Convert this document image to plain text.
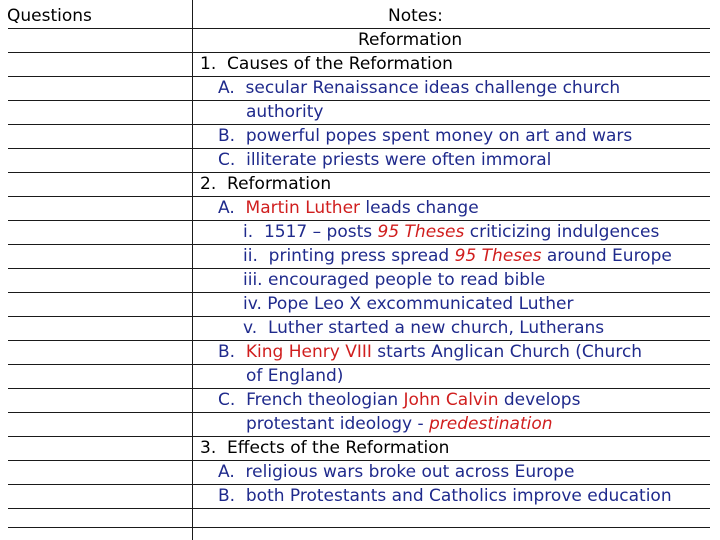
Questions	Notes:
Reformation
1. Causes of the Reformation
A. secular Renaissance ideas challenge church
authority
B. powerful popes spent money on art and wars
C. illiterate priests were often immoral
2. Reformation
A. Martin Luther leads change
i. 1517 – posts 95 Theses criticizing indulgences
ii. printing press spread 95 Theses around Europe
iii. encouraged people to read bible
iv. Pope Leo X excommunicated Luther
v. Luther started a new church, Lutherans
B. King Henry VIII starts Anglican Church (Church
of England)
C. French theologian John Calvin develops
protestant ideology - predestination
3. Effects of the Reformation
A. religious wars broke out across Europe
B. both Protestants and Catholics improve education
